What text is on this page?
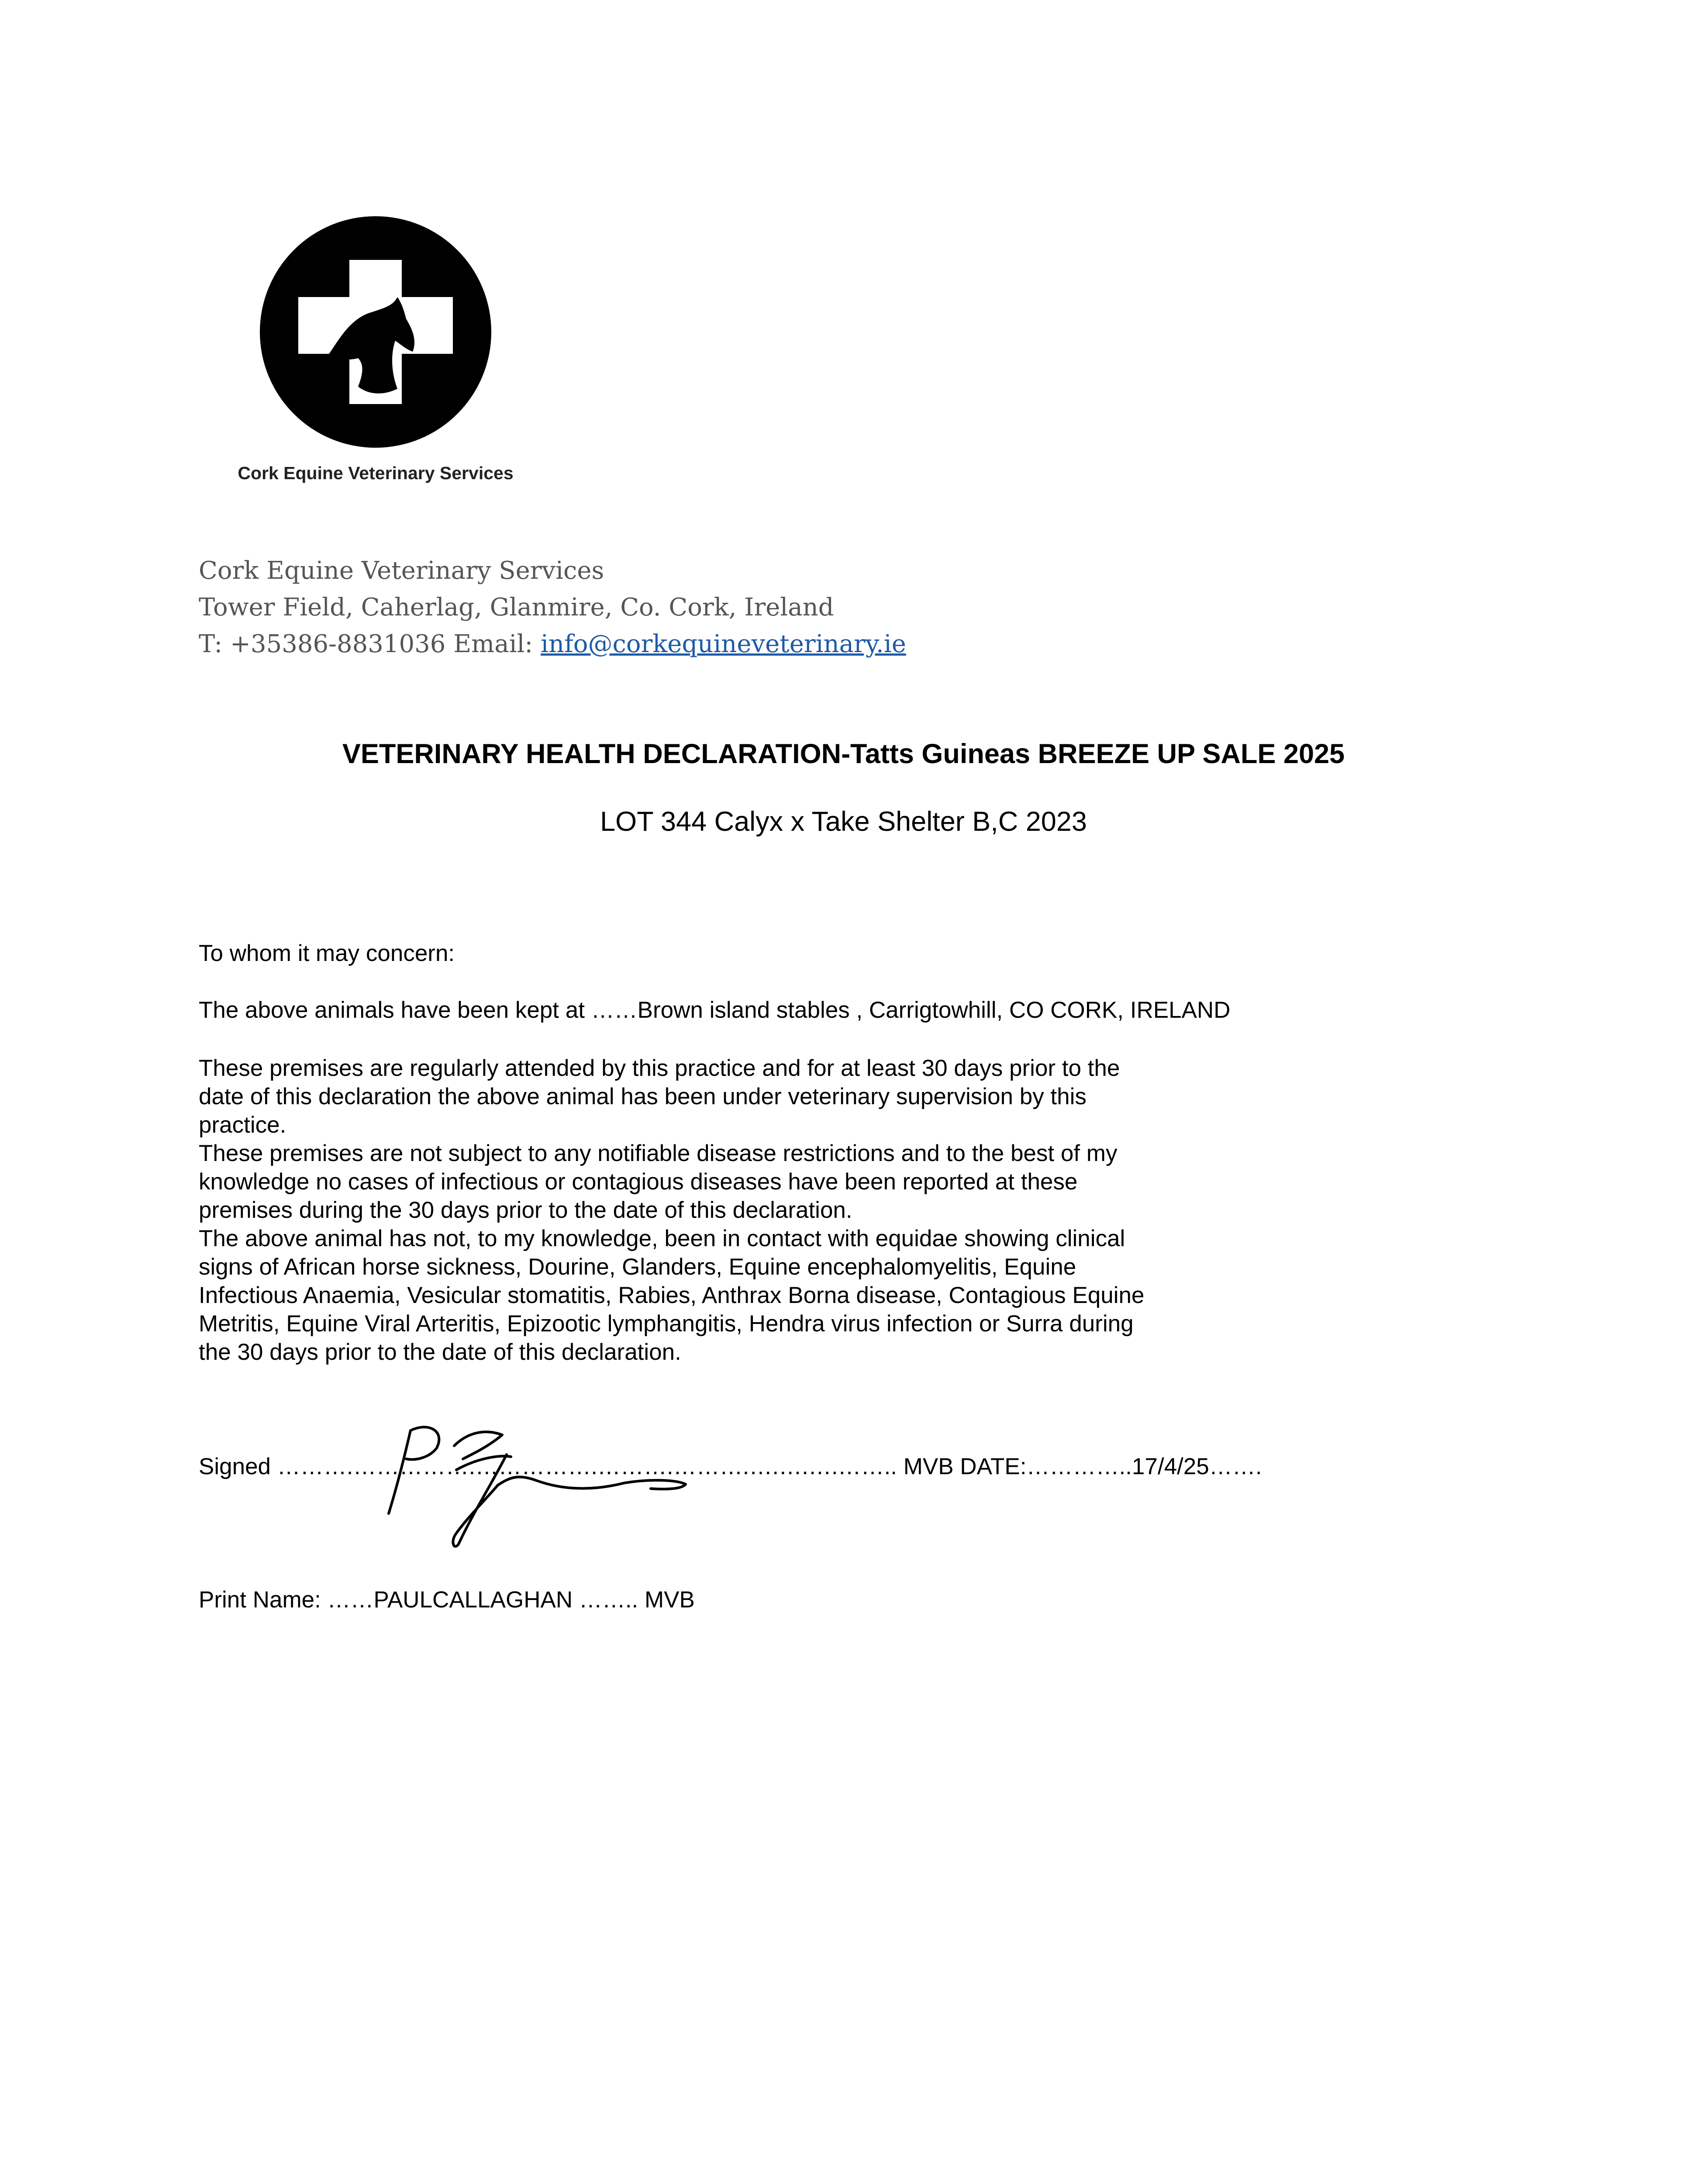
Cork Equine Veterinary Services
Cork Equine Veterinary Services
Tower Field, Caherlag, Glanmire, Co. Cork, Ireland
T: +35386-8831036 Email: info@corkequineveterinary.ie
VETERINARY HEALTH DECLARATION-Tatts Guineas BREEZE UP SALE 2025
LOT 344 Calyx x Take Shelter B,C 2023
To whom it may concern:
The above animals have been kept at ……Brown island stables , Carrigtowhill, CO CORK, IRELAND
These premises are regularly attended by this practice and for at least 30 days prior to the
date of this declaration the above animal has been under veterinary supervision by this
practice.
These premises are not subject to any notifiable disease restrictions and to the best of my
knowledge no cases of infectious or contagious diseases have been reported at these
premises during the 30 days prior to the date of this declaration.
The above animal has not, to my knowledge, been in contact with equidae showing clinical
signs of African horse sickness, Dourine, Glanders, Equine encephalomyelitis, Equine
Infectious Anaemia, Vesicular stomatitis, Rabies, Anthrax Borna disease, Contagious Equine
Metritis, Equine Viral Arteritis, Epizootic lymphangitis, Hendra virus infection or Surra during
the 30 days prior to the date of this declaration.
Signed ……….…………….…………….……….……….….….….…….. MVB DATE:…………..17/4/25…….
Print Name: ……PAULCALLAGHAN …….. MVB
